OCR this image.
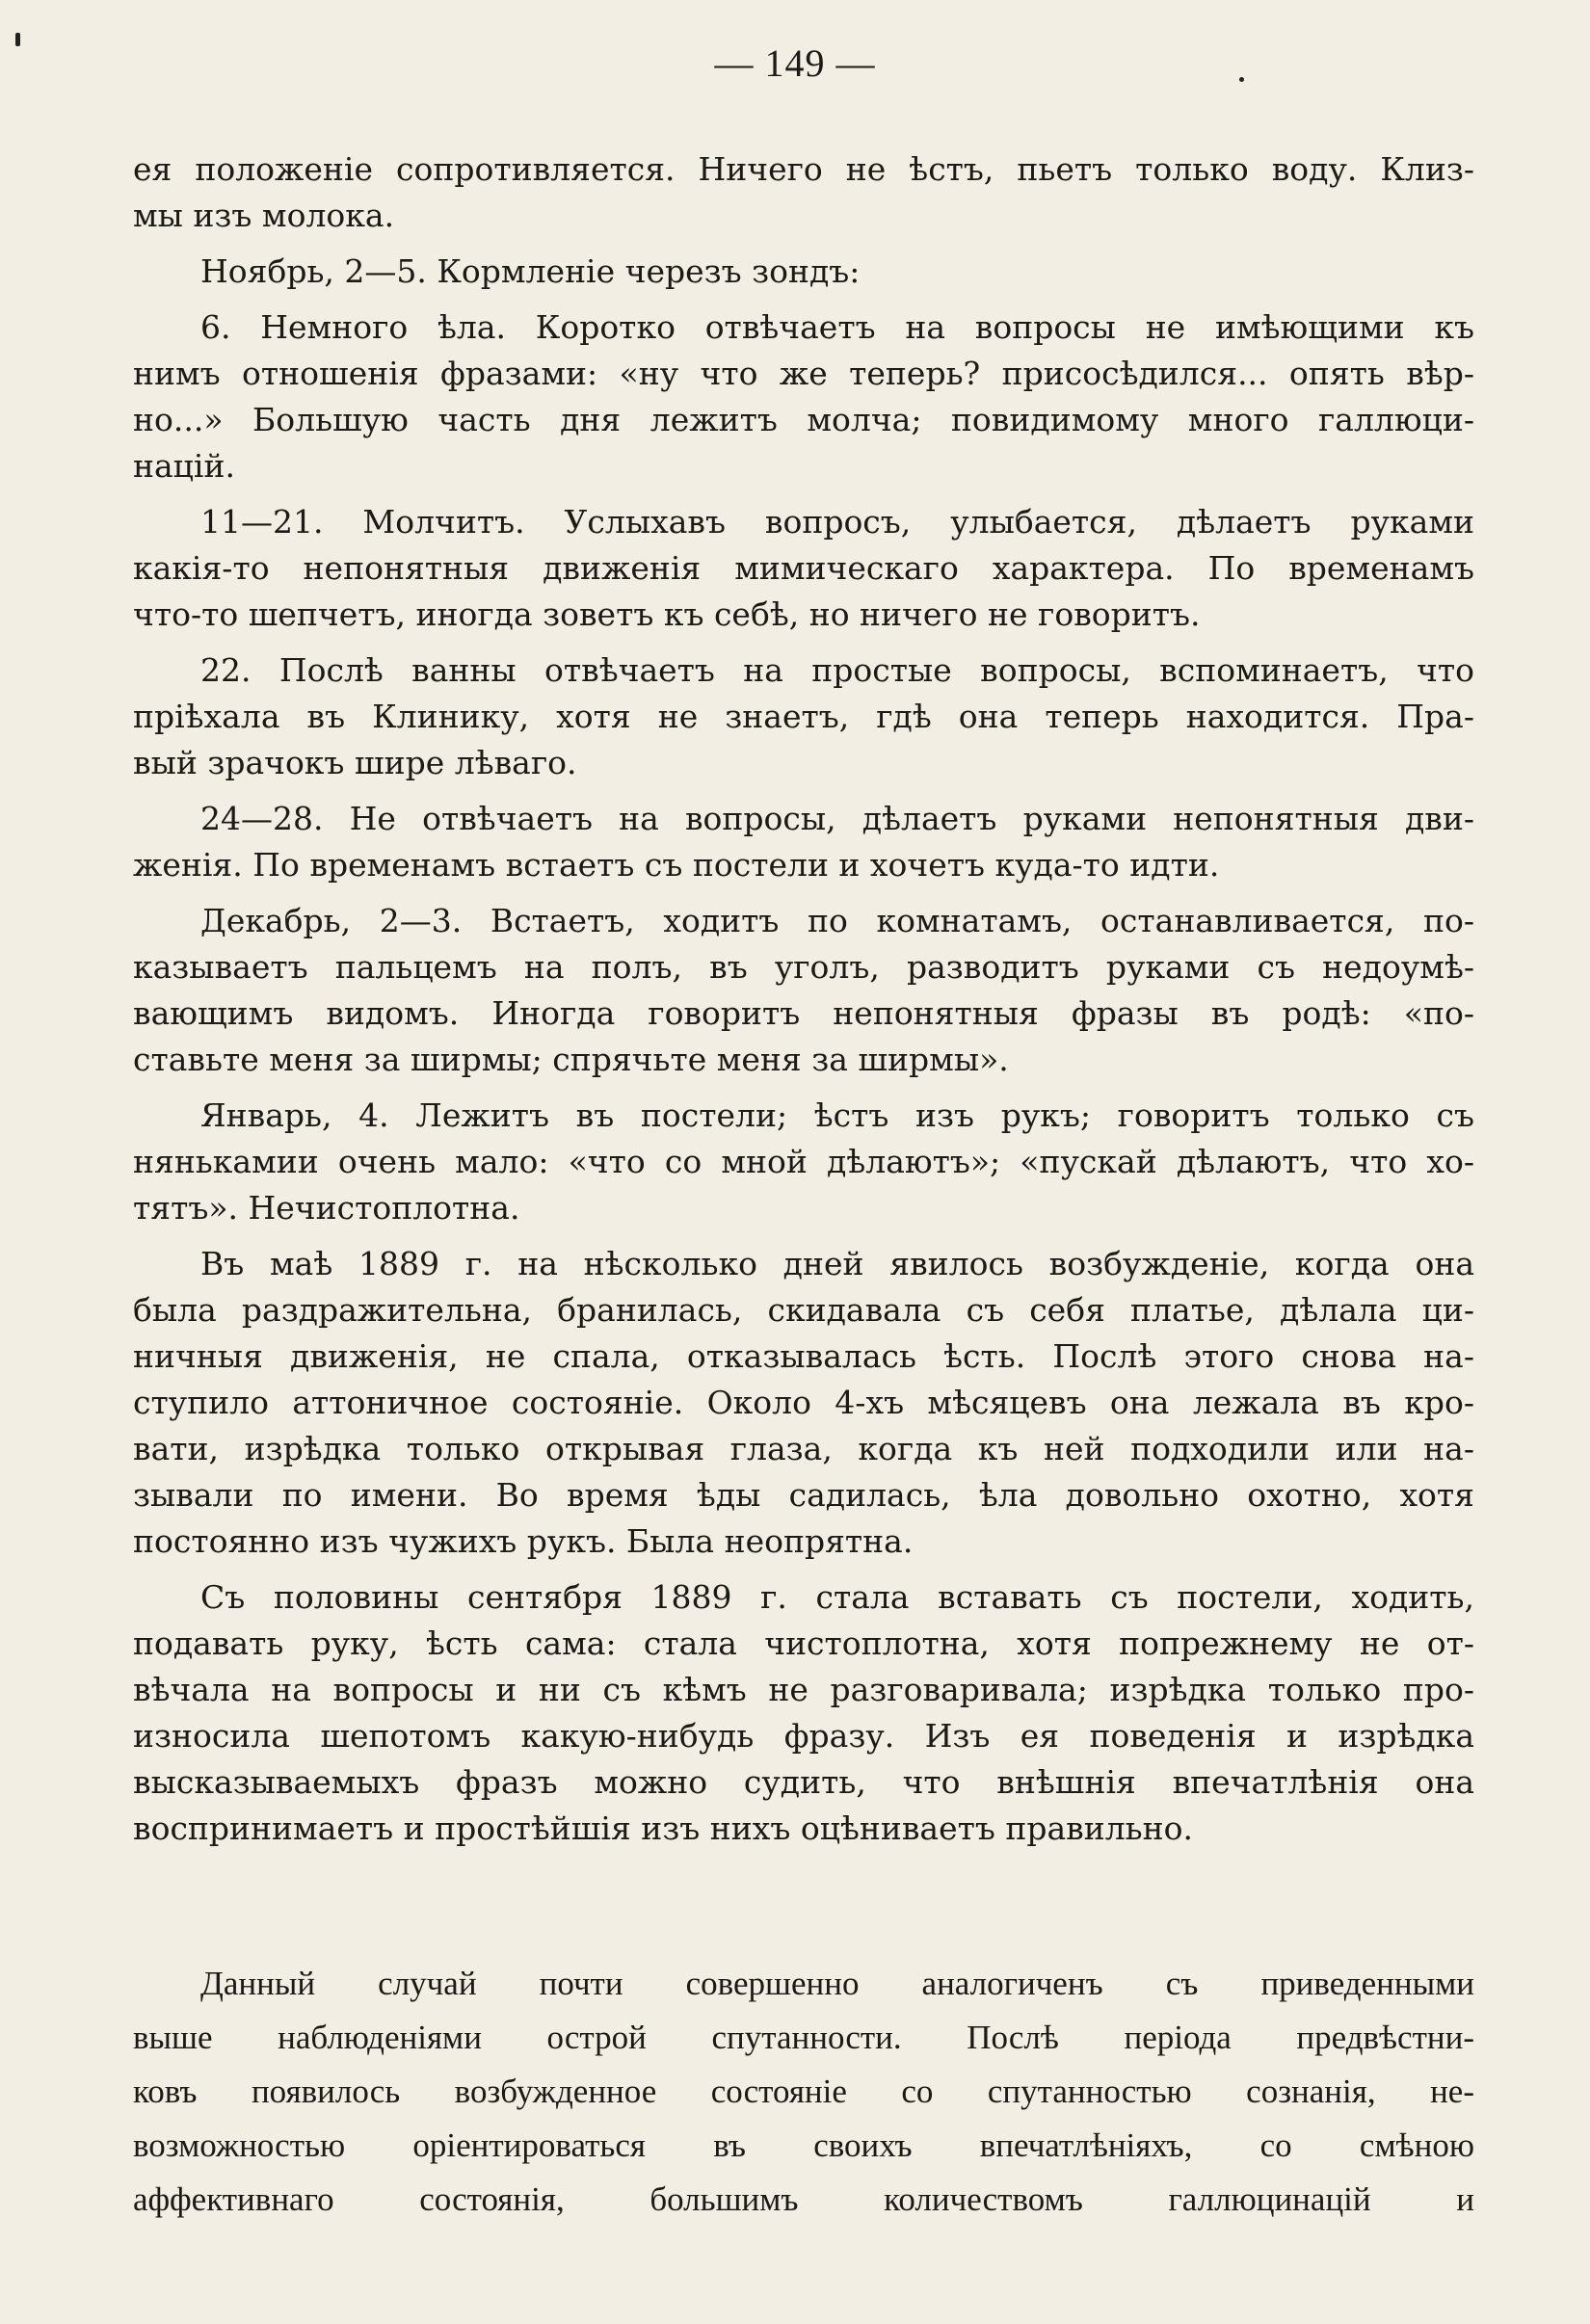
— 149 —
ея положеніе сопротивляется. Ничего не ѣстъ, пьетъ только воду. Клиз-
мы изъ молока.
Ноябрь, 2—5. Кормленіе черезъ зондъ:
6. Немного ѣла. Коротко отвѣчаетъ на вопросы не имѣющими къ
нимъ отношенія фразами: «ну что же теперь? присосѣдился... опять вѣр-
но...» Большую часть дня лежитъ молча; повидимому много галлюци-
націй.
11—21. Молчитъ. Услыхавъ вопросъ, улыбается, дѣлаетъ руками
какія-то непонятныя движенія мимическаго характера. По временамъ
что-то шепчетъ, иногда зоветъ къ себѣ, но ничего не говоритъ.
22. Послѣ ванны отвѣчаетъ на простые вопросы, вспоминаетъ, что
пріѣхала въ Клинику, хотя не знаетъ, гдѣ она теперь находится. Пра-
вый зрачокъ шире лѣваго.
24—28. Не отвѣчаетъ на вопросы, дѣлаетъ руками непонятныя дви-
женія. По временамъ встаетъ съ постели и хочетъ куда-то идти.
Декабрь, 2—3. Встаетъ, ходитъ по комнатамъ, останавливается, по-
казываетъ пальцемъ на полъ, въ уголъ, разводитъ руками съ недоумѣ-
вающимъ видомъ. Иногда говоритъ непонятныя фразы въ родѣ: «по-
ставьте меня за ширмы; спрячьте меня за ширмы».
Январь, 4. Лежитъ въ постели; ѣстъ изъ рукъ; говоритъ только съ
нянькамии очень мало: «что со мной дѣлаютъ»; «пускай дѣлаютъ, что хо-
тятъ». Нечистоплотна.
Въ маѣ 1889 г. на нѣсколько дней явилось возбужденіе, когда она
была раздражительна, бранилась, скидавала съ себя платье, дѣлала ци-
ничныя движенія, не спала, отказывалась ѣсть. Послѣ этого снова на-
ступило аттоничное состояніе. Около 4-хъ мѣсяцевъ она лежала въ кро-
вати, изрѣдка только открывая глаза, когда къ ней подходили или на-
зывали по имени. Во время ѣды садилась, ѣла довольно охотно, хотя
постоянно изъ чужихъ рукъ. Была неопрятна.
Съ половины сентября 1889 г. стала вставать съ постели, ходить,
подавать руку, ѣсть сама: стала чистоплотна, хотя попрежнему не от-
вѣчала на вопросы и ни съ кѣмъ не разговаривала; изрѣдка только про-
износила шепотомъ какую-нибудь фразу. Изъ ея поведенія и изрѣдка
высказываемыхъ фразъ можно судить, что внѣшнія впечатлѣнія она
воспринимаетъ и простѣйшія изъ нихъ оцѣниваетъ правильно.
Данный случай почти совершенно аналогиченъ съ приведенными
выше наблюденіями острой спутанности. Послѣ періода предвѣстни-
ковъ появилось возбужденное состояніе со спутанностью сознанія, не-
возможностью оріентироваться въ своихъ впечатлѣніяхъ, со смѣною
аффективнаго состоянія, большимъ количествомъ галлюцинацій и
